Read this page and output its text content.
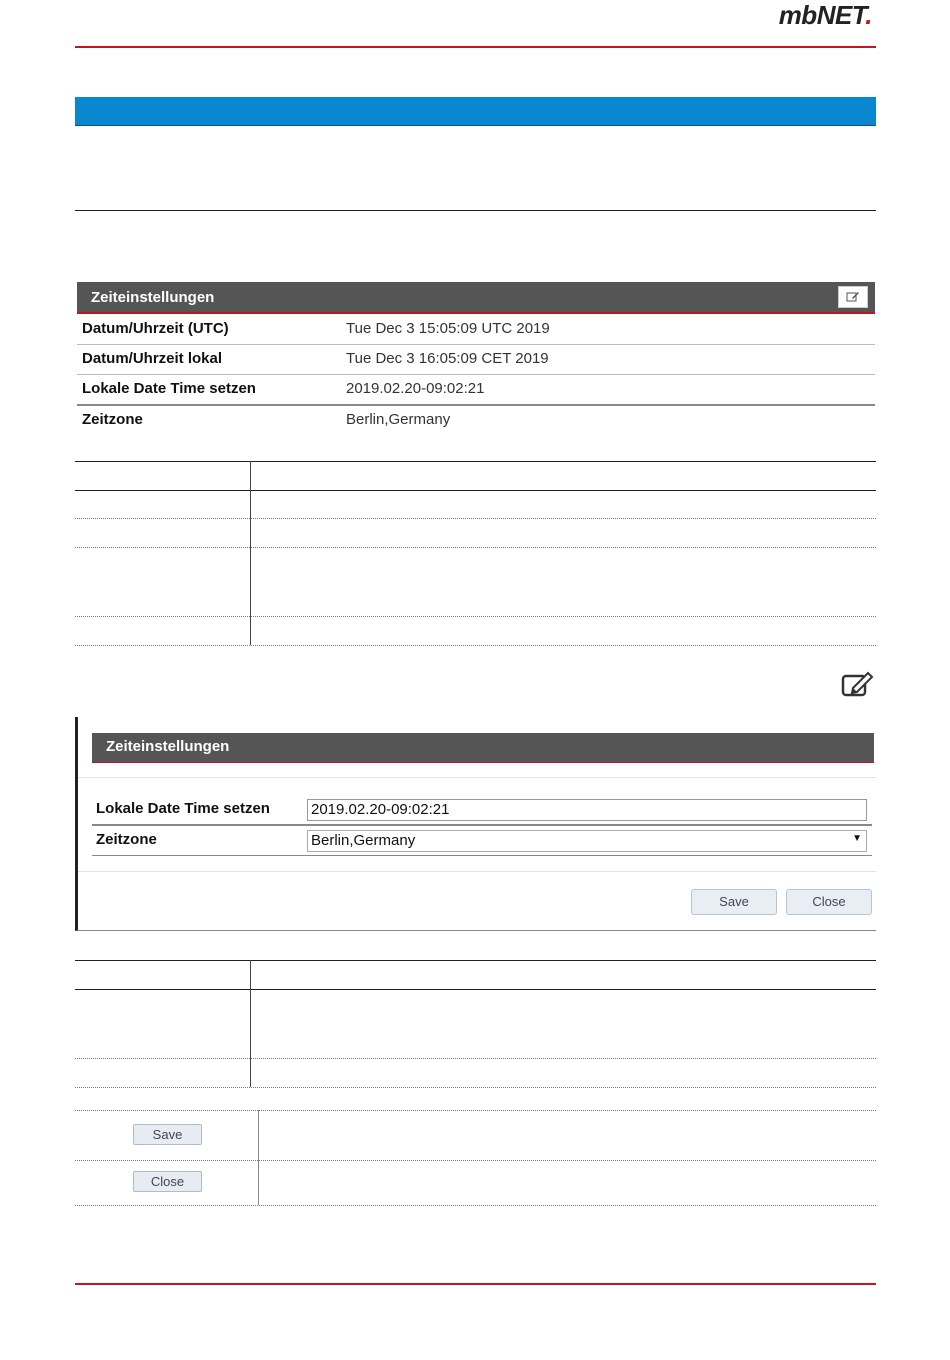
mbNET.
Zeiteinstellungen
Datum/Uhrzeit (UTC)	Tue Dec 3 15:05:09 UTC 2019
Datum/Uhrzeit lokal	Tue Dec 3 16:05:09 CET 2019
Lokale Date Time setzen	2019.02.20-09:02:21
Zeitzone	Berlin,Germany
Zeiteinstellungen
Lokale Date Time setzen	2019.02.20-09:02:21
Zeitzone	Berlin,Germany	▼
Save	Close
Save
Close
